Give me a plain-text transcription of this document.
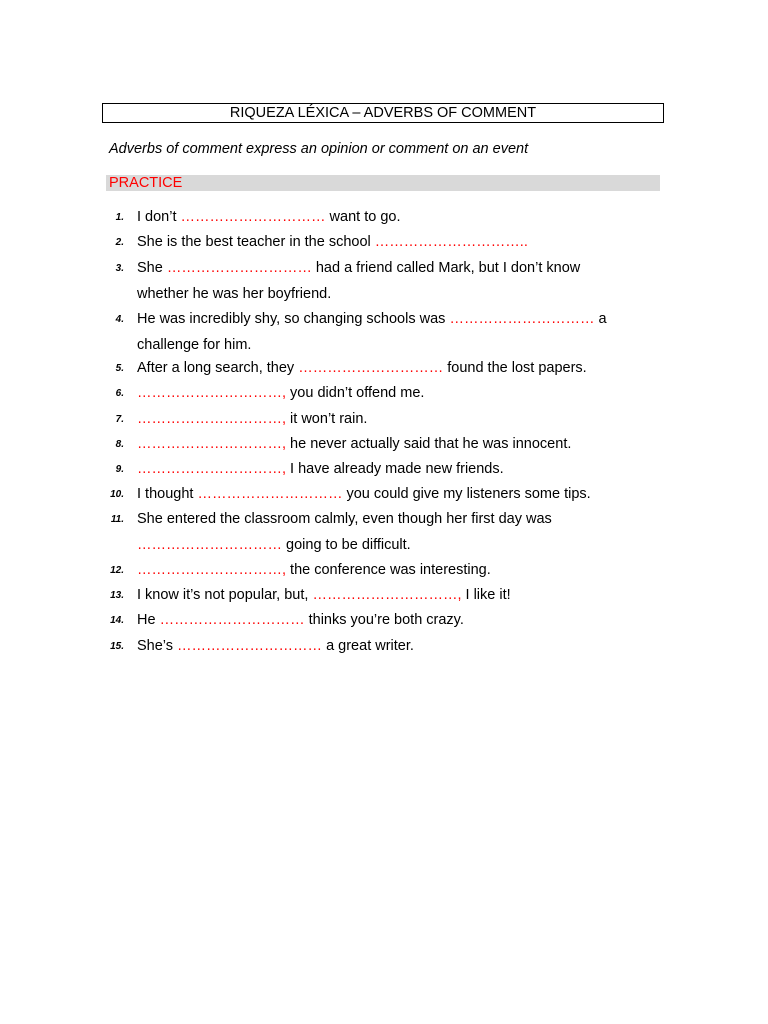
RIQUEZA LÉXICA – ADVERBS OF COMMENT
Adverbs of comment express an opinion or comment on an event
PRACTICE
1. I don’t ………………………… want to go.
2. She is the best teacher in the school …………………………..
3. She ………………………… had a friend called Mark, but I don’t know
whether he was her boyfriend.
4. He was incredibly shy, so changing schools was ………………………… a
challenge for him.
5. After a long search, they ………………………… found the lost papers.
6. …………………………, you didn’t offend me.
7. …………………………, it won’t rain.
8. …………………………, he never actually said that he was innocent.
9. …………………………, I have already made new friends.
10. I thought ………………………… you could give my listeners some tips.
11. She entered the classroom calmly, even though her first day was
………………………… going to be difficult.
12. …………………………, the conference was interesting.
13. I know it’s not popular, but, …………………………, I like it!
14. He ………………………… thinks you’re both crazy.
15. She’s ………………………… a great writer.
